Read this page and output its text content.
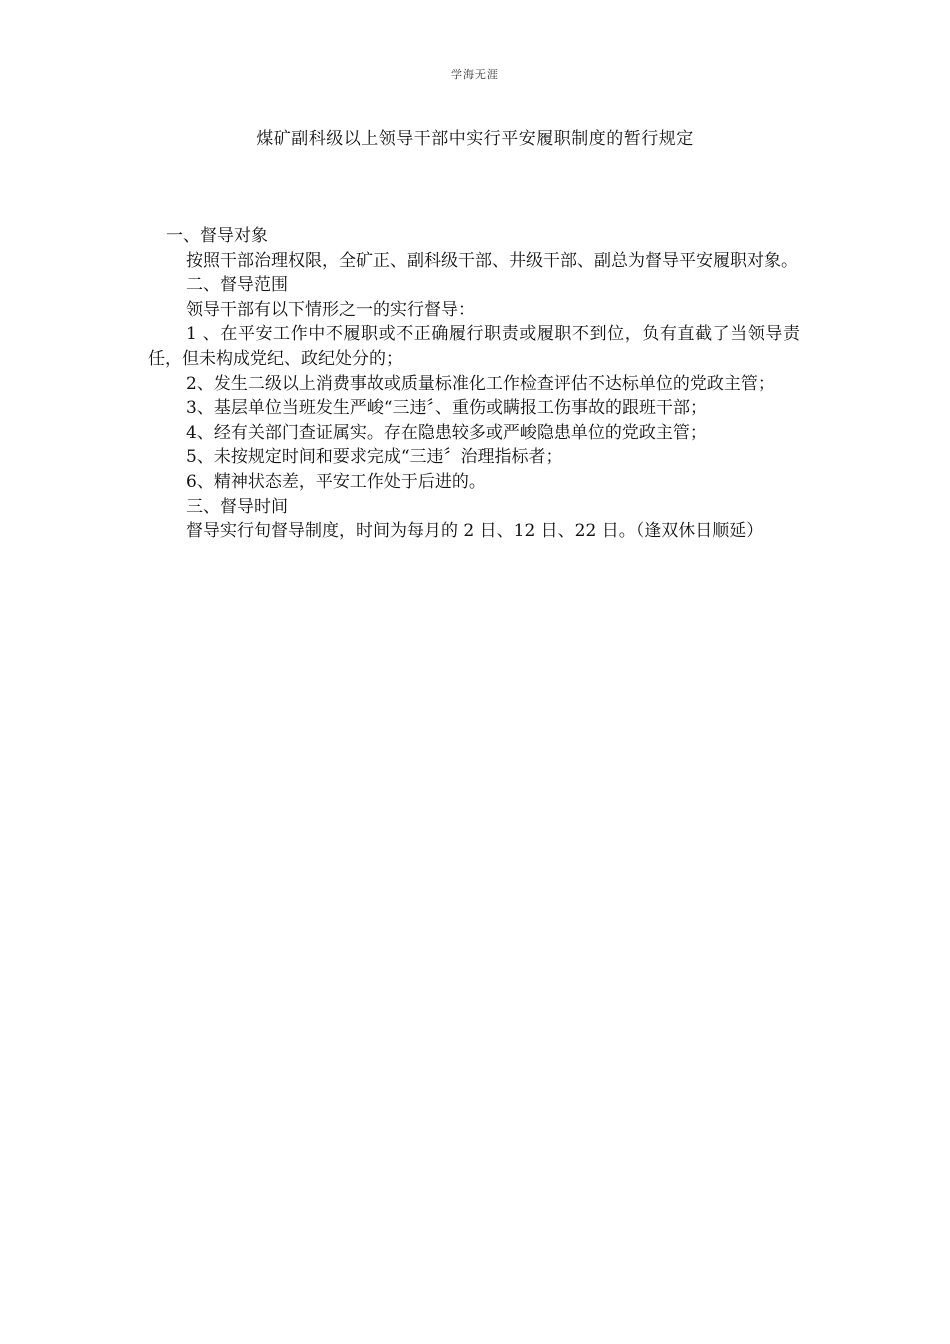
学海无涯
煤矿副科级以上领导干部中实行平安履职制度的暂行规定

一、督导对象

按照干部治理权限，全矿正、副科级干部、井级干部、副总为督导平安履职对象。

二、督导范围

领导干部有以下情形之一的实行督导：

1 、在平安工作中不履职或不正确履行职责或履职不到位，负有直截了当领导责任，但未构成党纪、政纪处分的；

2、发生二级以上消费事故或质量标准化工作检查评估不达标单位的党政主管；

3、基层单位当班发生严峻“三违〞、重伤或瞒报工伤事故的跟班干部；

4、经有关部门查证属实。存在隐患较多或严峻隐患单位的党政主管；

5、未按规定时间和要求完成“三违〞治理指标者；

6、精神状态差，平安工作处于后进的。

三、督导时间

督导实行旬督导制度，时间为每月的 2 日、12 日、22 日。（逢双休日顺延）
